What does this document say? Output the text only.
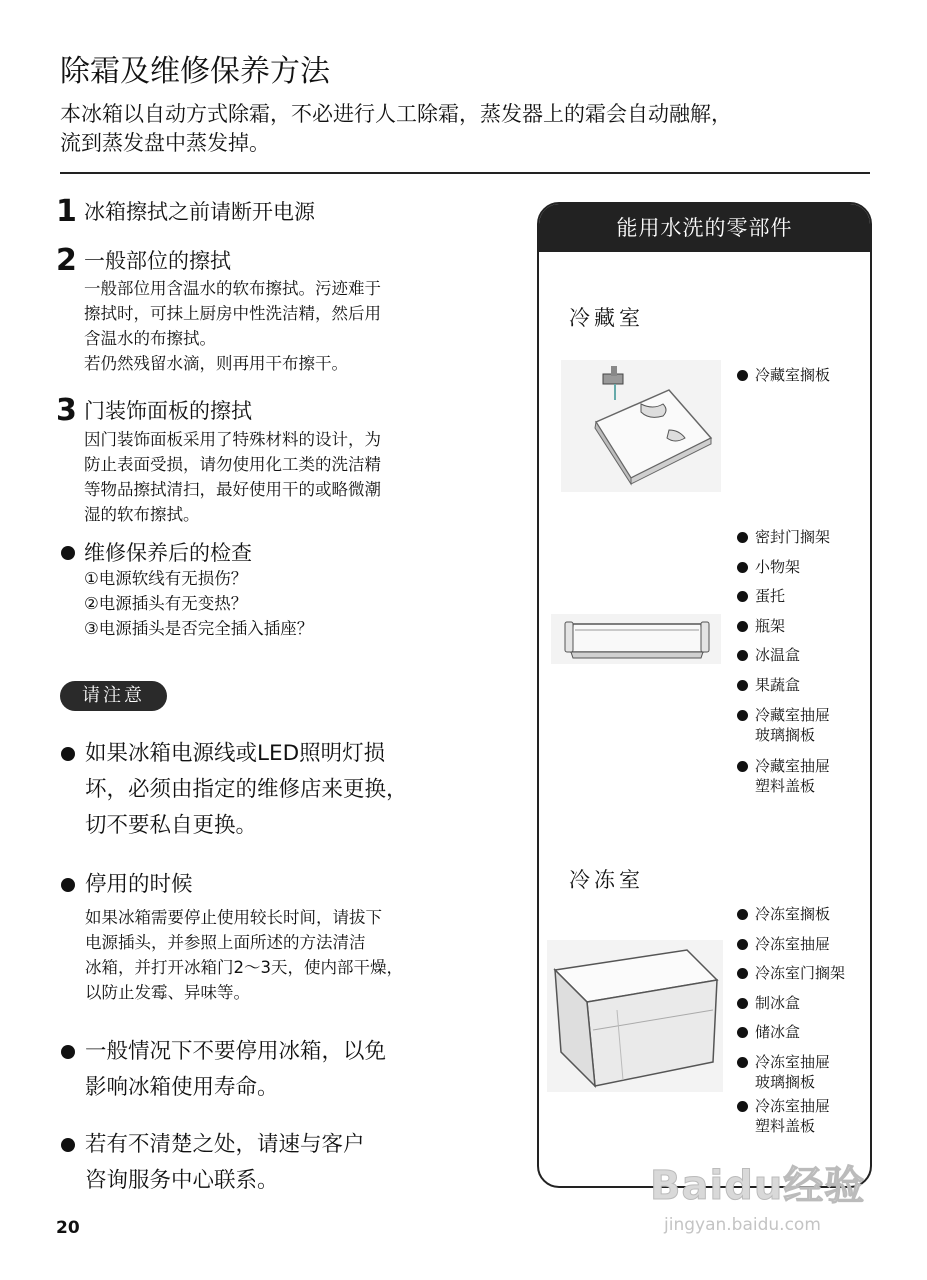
除霜及维修保养方法
本冰箱以自动方式除霜，不必进行人工除霜，蒸发器上的霜会自动融解，
流到蒸发盘中蒸发掉。
1 冰箱擦拭之前请断开电源
2 一般部位的擦拭
一般部位用含温水的软布擦拭。污迹难于
擦拭时，可抹上厨房中性洗洁精，然后用
含温水的布擦拭。
若仍然残留水滴，则再用干布擦干。
3 门装饰面板的擦拭
因门装饰面板采用了特殊材料的设计，为
防止表面受损，请勿使用化工类的洗洁精
等物品擦拭清扫，最好使用干的或略微潮
湿的软布擦拭。
维修保养后的检查
①电源软线有无损伤？
②电源插头有无变热？
③电源插头是否完全插入插座？
请注意
如果冰箱电源线或LED照明灯损
坏，必须由指定的维修店来更换，
切不要私自更换。
停用的时候
如果冰箱需要停止使用较长时间，请拔下
电源插头，并参照上面所述的方法清洁
冰箱，并打开冰箱门2～3天，使内部干燥，
以防止发霉、异味等。
一般情况下不要停用冰箱，以免
影响冰箱使用寿命。
若有不清楚之处，请速与客户
咨询服务中心联系。
能用水洗的零部件
冷藏室
冷藏室搁板
密封门搁架
小物架
蛋托
瓶架
冰温盒
果蔬盒
冷藏室抽屉
玻璃搁板
冷藏室抽屉
塑料盖板
冷冻室
冷冻室搁板
冷冻室抽屉
冷冻室门搁架
制冰盒
储冰盒
冷冻室抽屉
玻璃搁板
冷冻室抽屉
塑料盖板
20
Baidu经验
jingyan.baidu.com
